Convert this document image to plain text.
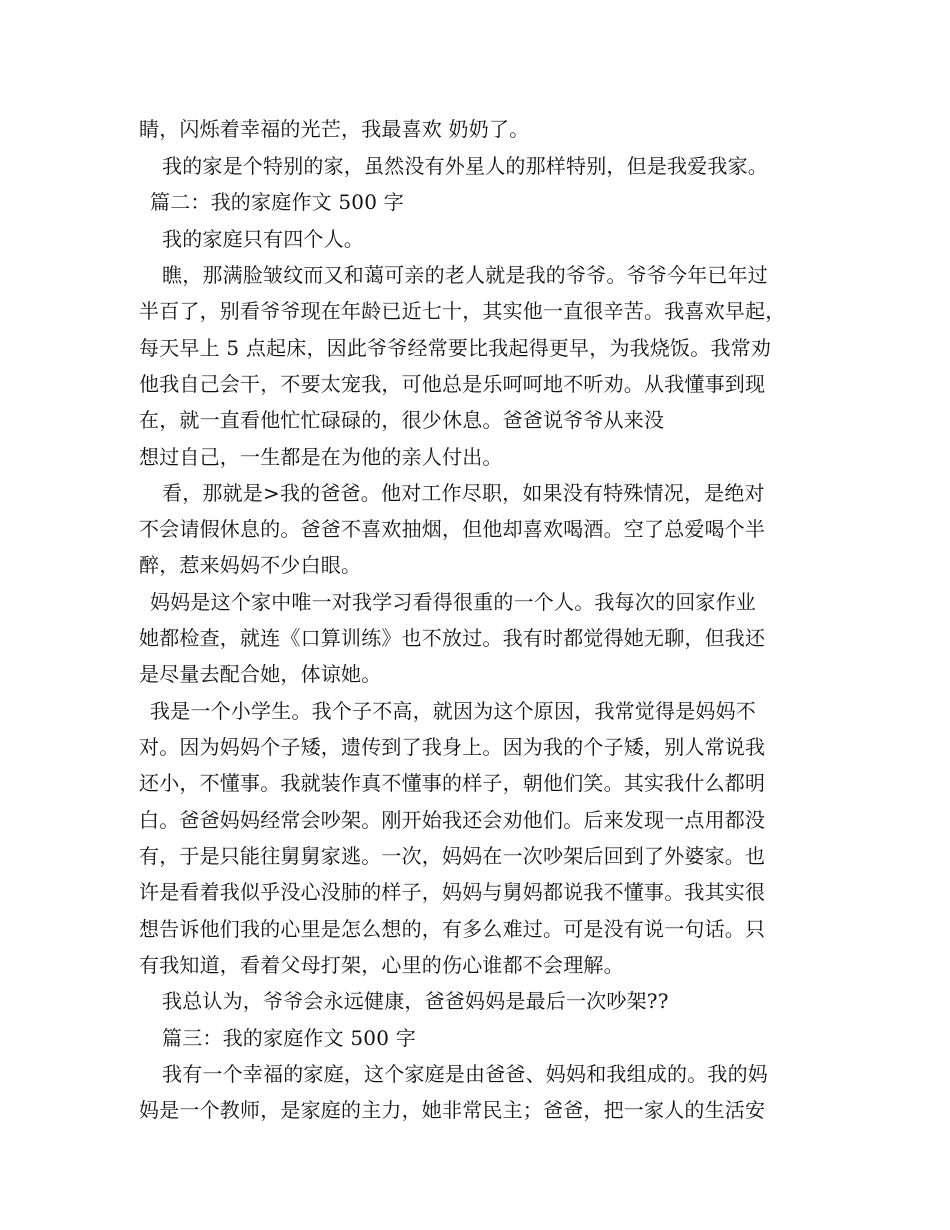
睛，闪烁着幸福的光芒，我最喜欢 奶奶了。
我的家是个特别的家，虽然没有外星人的那样特别，但是我爱我家。
篇二：我的家庭作文 500 字
我的家庭只有四个人。
瞧，那满脸皱纹而又和蔼可亲的老人就是我的爷爷。爷爷今年已年过
半百了，别看爷爷现在年龄已近七十，其实他一直很辛苦。我喜欢早起，
每天早上 5 点起床，因此爷爷经常要比我起得更早，为我烧饭。我常劝
他我自己会干，不要太宠我，可他总是乐呵呵地不听劝。从我懂事到现
在，就一直看他忙忙碌碌的，很少休息。爸爸说爷爷从来没
想过自己，一生都是在为他的亲人付出。
看，那就是>我的爸爸。他对工作尽职，如果没有特殊情况，是绝对
不会请假休息的。爸爸不喜欢抽烟，但他却喜欢喝酒。空了总爱喝个半
醉，惹来妈妈不少白眼。
妈妈是这个家中唯一对我学习看得很重的一个人。我每次的回家作业
她都检查，就连《口算训练》也不放过。我有时都觉得她无聊，但我还
是尽量去配合她，体谅她。
我是一个小学生。我个子不高，就因为这个原因，我常觉得是妈妈不
对。因为妈妈个子矮，遗传到了我身上。因为我的个子矮，别人常说我
还小，不懂事。我就装作真不懂事的样子，朝他们笑。其实我什么都明
白。爸爸妈妈经常会吵架。刚开始我还会劝他们。后来发现一点用都没
有，于是只能往舅舅家逃。一次，妈妈在一次吵架后回到了外婆家。也
许是看着我似乎没心没肺的样子，妈妈与舅妈都说我不懂事。我其实很
想告诉他们我的心里是怎么想的，有多么难过。可是没有说一句话。只
有我知道，看着父母打架，心里的伤心谁都不会理解。
我总认为，爷爷会永远健康，爸爸妈妈是最后一次吵架??
篇三：我的家庭作文 500 字
我有一个幸福的家庭，这个家庭是由爸爸、妈妈和我组成的。我的妈
妈是一个教师，是家庭的主力，她非常民主；爸爸，把一家人的生活安
